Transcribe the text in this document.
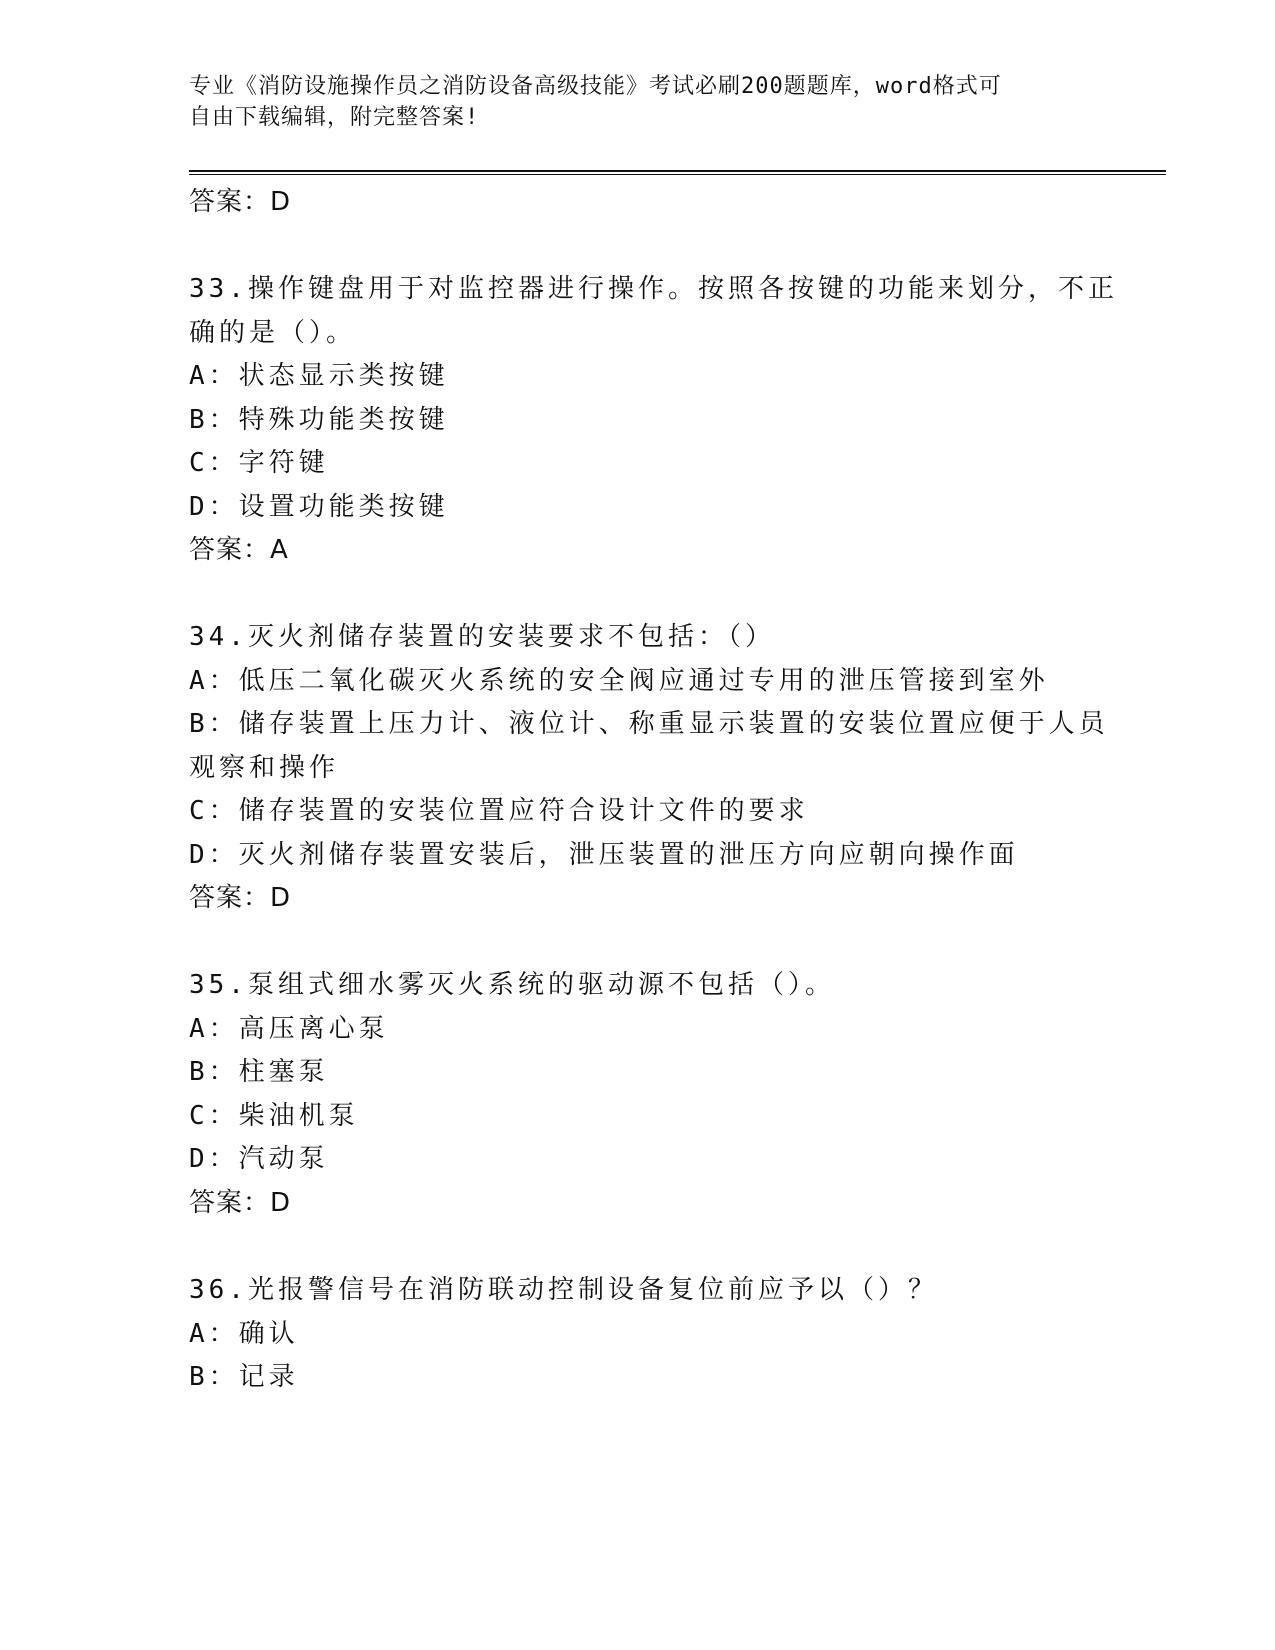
专业《消防设施操作员之消防设备高级技能》考试必刷200题题库，word格式可
自由下载编辑，附完整答案!
答案：D
33.操作键盘用于对监控器进行操作。按照各按键的功能来划分，不正
确的是（）。
A：状态显示类按键
B：特殊功能类按键
C：字符键
D：设置功能类按键
答案：A
34.灭火剂储存装置的安装要求不包括：（）
A：低压二氧化碳灭火系统的安全阀应通过专用的泄压管接到室外
B：储存装置上压力计、液位计、称重显示装置的安装位置应便于人员
观察和操作
C：储存装置的安装位置应符合设计文件的要求
D：灭火剂储存装置安装后，泄压装置的泄压方向应朝向操作面
答案：D
35.泵组式细水雾灭火系统的驱动源不包括（）。
A：高压离心泵
B：柱塞泵
C：柴油机泵
D：汽动泵
答案：D
36.光报警信号在消防联动控制设备复位前应予以（）？
A：确认
B：记录
